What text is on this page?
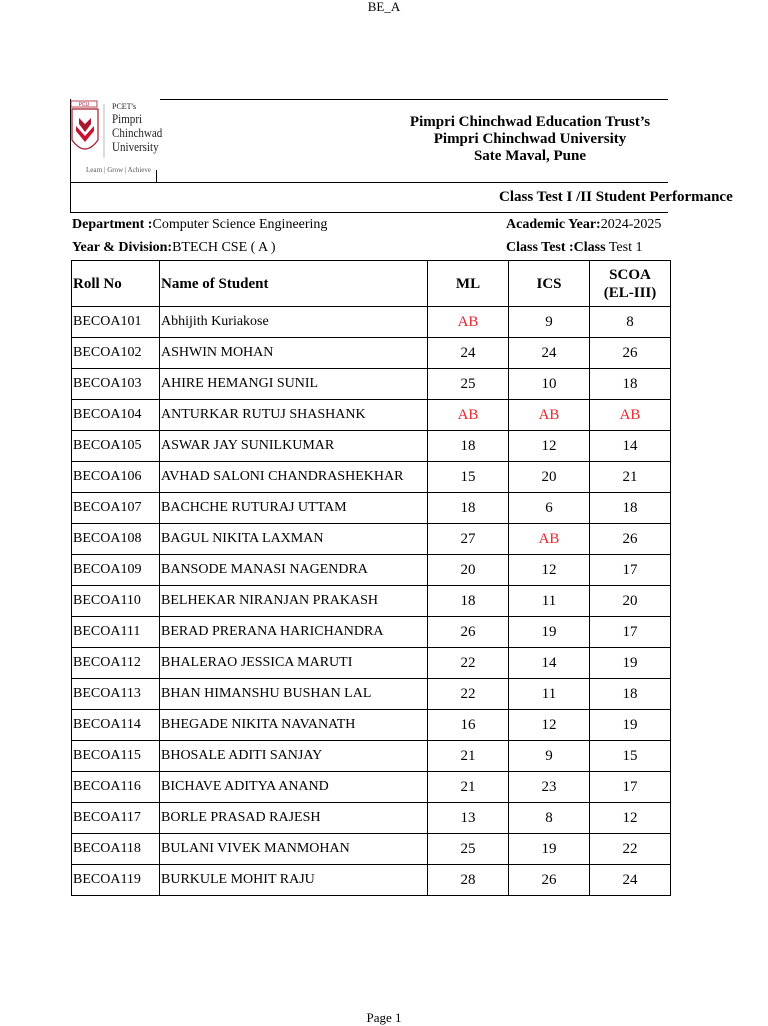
BE_A
PCU	PCET's
Pimpri
Chinchwad
University
Learn | Grow | Achieve
Pimpri Chinchwad Education Trust’s
Pimpri Chinchwad University
Sate Maval, Pune
Class Test I /II Student Performance
Department :Computer Science Engineering
Year & Division:BTECH CSE ( A )
Academic Year:2024-2025
Class Test :Class Test 1
Roll No	Name of Student	ML	ICS	SCOA
(EL-III)
BECOA101	Abhijith Kuriakose	AB	9	8
BECOA102	ASHWIN MOHAN	24	24	26
BECOA103	AHIRE HEMANGI SUNIL	25	10	18
BECOA104	ANTURKAR RUTUJ SHASHANK	AB	AB	AB
BECOA105	ASWAR JAY SUNILKUMAR	18	12	14
BECOA106	AVHAD SALONI CHANDRASHEKHAR	15	20	21
BECOA107	BACHCHE RUTURAJ UTTAM	18	6	18
BECOA108	BAGUL NIKITA LAXMAN	27	AB	26
BECOA109	BANSODE MANASI NAGENDRA	20	12	17
BECOA110	BELHEKAR NIRANJAN PRAKASH	18	11	20
BECOA111	BERAD PRERANA HARICHANDRA	26	19	17
BECOA112	BHALERAO JESSICA MARUTI	22	14	19
BECOA113	BHAN HIMANSHU BUSHAN LAL	22	11	18
BECOA114	BHEGADE NIKITA NAVANATH	16	12	19
BECOA115	BHOSALE ADITI SANJAY	21	9	15
BECOA116	BICHAVE ADITYA ANAND	21	23	17
BECOA117	BORLE PRASAD RAJESH	13	8	12
BECOA118	BULANI VIVEK MANMOHAN	25	19	22
BECOA119	BURKULE MOHIT RAJU	28	26	24
Page 1
